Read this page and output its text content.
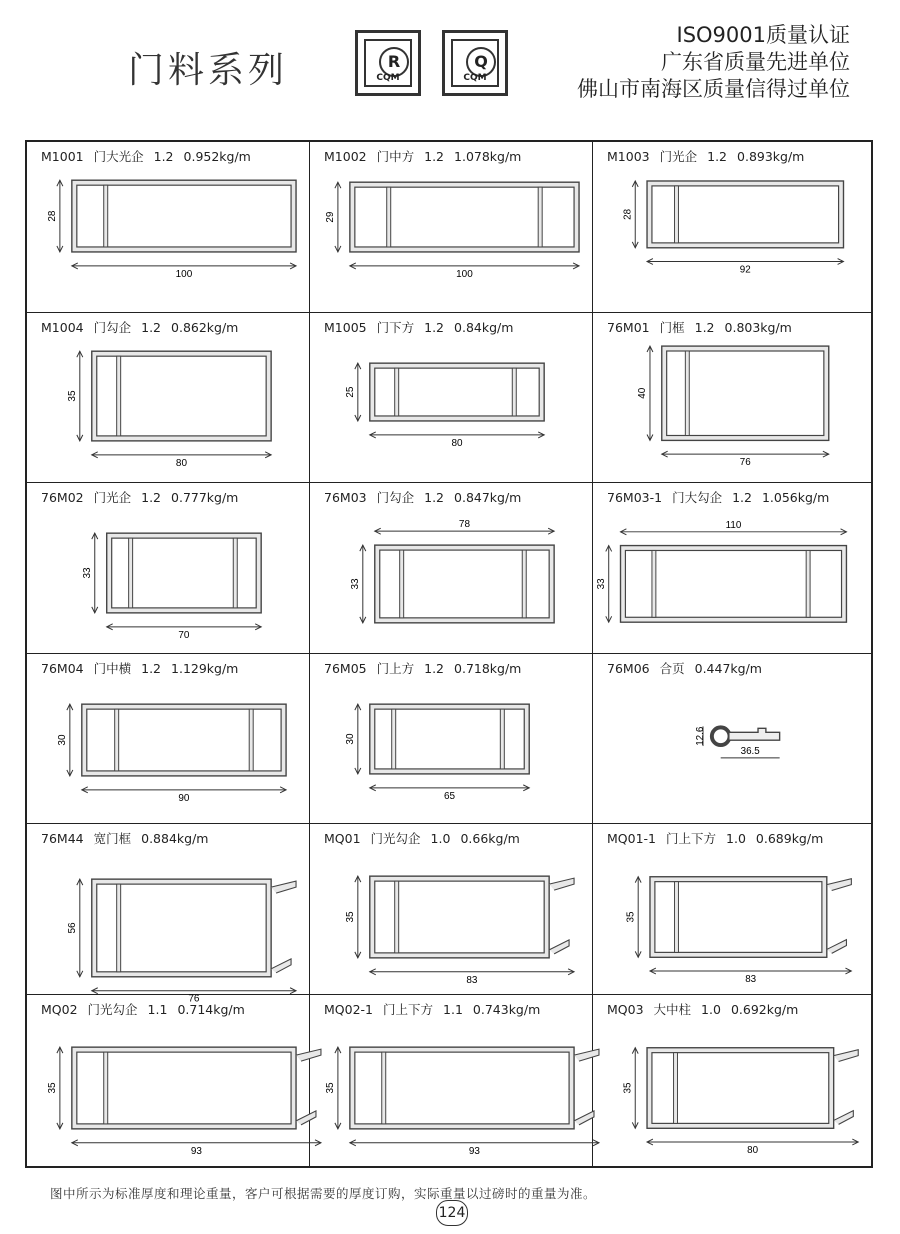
门料系列	R
CQM
Q
CQM
ISO9001质量认证
广东省质量先进单位
佛山市南海区质量信得过单位
M1001 门大光企 1.2 0.952kg/m
28
100
M1002 门中方 1.2 1.078kg/m
29
100
M1003 门光企 1.2 0.893kg/m
28
92
M1004 门勾企 1.2 0.862kg/m
35
80
M1005 门下方 1.2 0.84kg/m
25
80
76M01 门框 1.2 0.803kg/m
40
76
76M02 门光企 1.2 0.777kg/m
33
70
76M03 门勾企 1.2 0.847kg/m
33
78
76M03-1 门大勾企 1.2 1.056kg/m
33
110
76M04 门中横 1.2 1.129kg/m
30
90
76M05 门上方 1.2 0.718kg/m
30
65
76M06 合页 0.447kg/m
12.6
36.5
76M44 宽门框 0.884kg/m
56
76
MQ01 门光勾企 1.0 0.66kg/m
35
83
MQ01-1 门上下方 1.0 0.689kg/m
35
83
MQ02 门光勾企 1.1 0.714kg/m
35
93
MQ02-1 门上下方 1.1 0.743kg/m
35
93
MQ03 大中柱 1.0 0.692kg/m
35
80
图中所示为标准厚度和理论重量，客户可根据需要的厚度订购，实际重量以过磅时的重量为准。
124
